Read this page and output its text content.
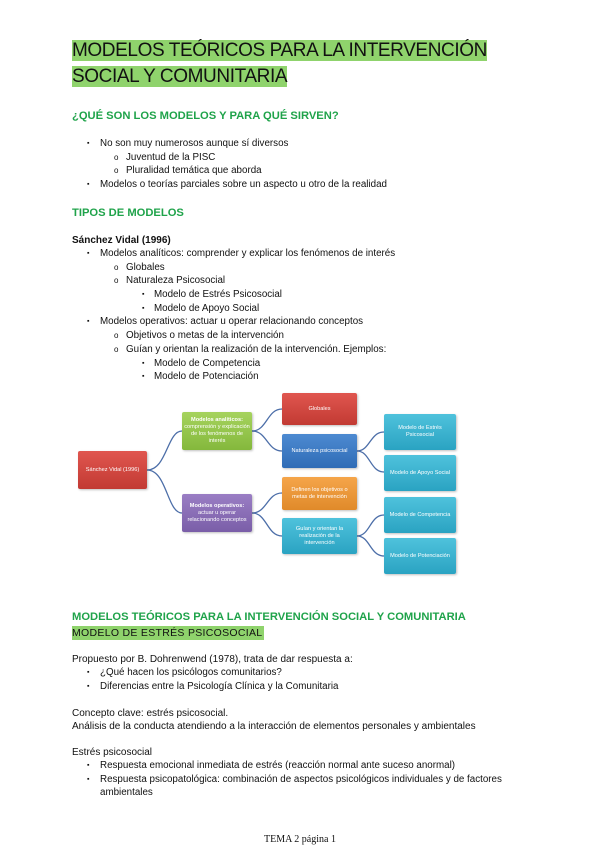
MODELOS TEÓRICOS PARA LA INTERVENCIÓN SOCIAL Y COMUNITARIA
¿QUÉ SON LOS MODELOS Y PARA QUÉ SIRVEN?
▪ No son muy numerosos aunque sí diversos
o Juventud de la PISC
o Pluralidad temática que aborda
▪ Modelos o teorías parciales sobre un aspecto u otro de la realidad
TIPOS DE MODELOS
Sánchez Vidal (1996)
▪ Modelos analíticos: comprender y explicar los fenómenos de interés
o Globales
o Naturaleza Psicosocial
▪ Modelo de Estrés Psicosocial
▪ Modelo de Apoyo Social
▪ Modelos operativos: actuar u operar relacionando conceptos
o Objetivos o metas de la intervención
o Guían y orientan la realización de la intervención. Ejemplos:
▪ Modelo de Competencia
▪ Modelo de Potenciación
Sánchez Vidal (1996)
Modelos analíticos:
comprensión y explicación de los fenómenos de interés
Modelos operativos:
actuar u operar relacionando conceptos
Globales
Naturaleza psicosocial
Definen los objetivos o metas de intervención
Guían y orientan la realización de la intervención
Modelo de Estrés Psicosocial
Modelo de Apoyo Social
Modelo de Competencia
Modelo de Potenciación
MODELOS TEÓRICOS PARA LA INTERVENCIÓN SOCIAL Y COMUNITARIA
MODELO DE ESTRÉS PSICOSOCIAL
Propuesto por B. Dohrenwend (1978), trata de dar respuesta a:
▪ ¿Qué hacen los psicólogos comunitarios?
▪ Diferencias entre la Psicología Clínica y la Comunitaria
Concepto clave: estrés psicosocial.
Análisis de la conducta atendiendo a la interacción de elementos personales y ambientales
Estrés psicosocial
▪ Respuesta emocional inmediata de estrés (reacción normal ante suceso anormal)
▪ Respuesta psicopatológica: combinación de aspectos psicológicos individuales y de factores
ambientales
TEMA 2 página 1
